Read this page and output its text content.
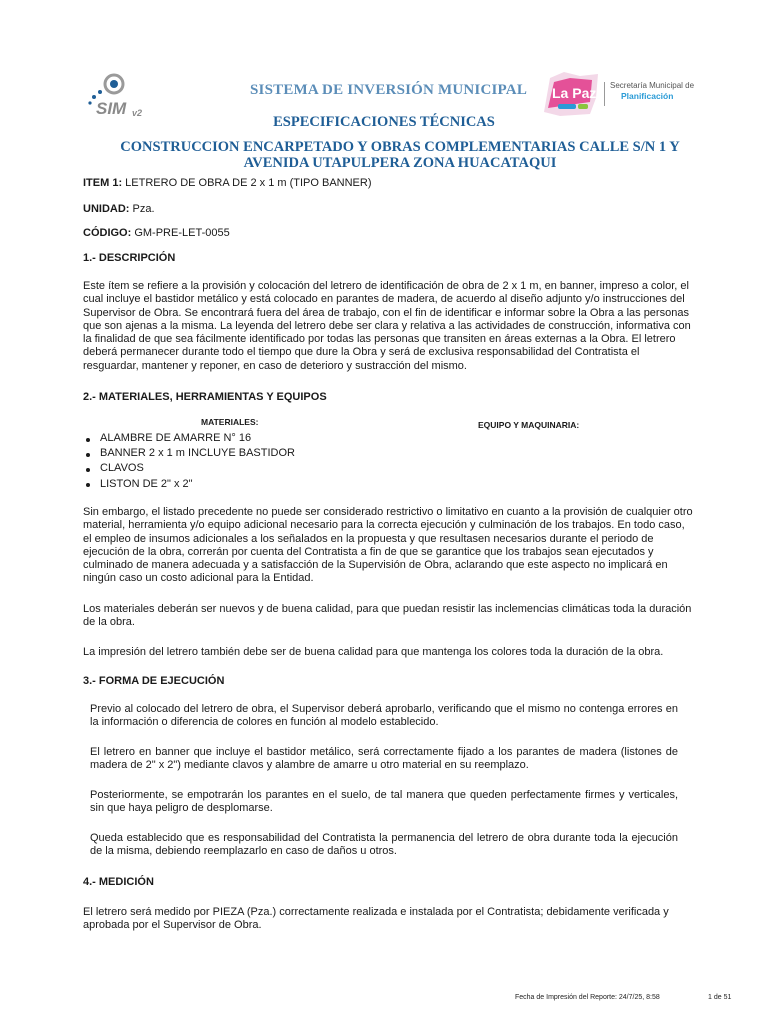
SIM v2
SISTEMA DE INVERSIÓN MUNICIPAL La Paz Secretaría Municipal de
Planificación
ESPECIFICACIONES TÉCNICAS
CONSTRUCCION ENCARPETADO Y OBRAS COMPLEMENTARIAS CALLE S/N 1 Y AVENIDA UTAPULPERA ZONA HUACATAQUI
ITEM 1: LETRERO DE OBRA DE 2 x 1 m (TIPO BANNER)
UNIDAD: Pza.
CÓDIGO: GM-PRE-LET-0055
1.- DESCRIPCIÓN
Este ítem se refiere a la provisión y colocación del letrero de identificación de obra de 2 x 1 m, en banner, impreso a color, el cual incluye el bastidor metálico y está colocado en parantes de madera, de acuerdo al diseño adjunto y/o instrucciones del Supervisor de Obra. Se encontrará fuera del área de trabajo, con el fin de identificar e informar sobre la Obra a las personas que son ajenas a la misma. La leyenda del letrero debe ser clara y relativa a las actividades de construcción, informativa con la finalidad de que sea fácilmente identificado por todas las personas que transiten en áreas externas a la Obra. El letrero deberá permanecer durante todo el tiempo que dure la Obra y será de exclusiva responsabilidad del Contratista el resguardar, mantener y reponer, en caso de deterioro y sustracción del mismo.
2.- MATERIALES, HERRAMIENTAS Y EQUIPOS
MATERIALES:	EQUIPO Y MAQUINARIA:
ALAMBRE DE AMARRE N° 16
BANNER 2 x 1 m INCLUYE BASTIDOR
CLAVOS
LISTON DE 2" x 2"
Sin embargo, el listado precedente no puede ser considerado restrictivo o limitativo en cuanto a la provisión de cualquier otro material, herramienta y/o equipo adicional necesario para la correcta ejecución y culminación de los trabajos. En todo caso, el empleo de insumos adicionales a los señalados en la propuesta y que resultasen necesarios durante el periodo de ejecución de la obra, correrán por cuenta del Contratista a fin de que se garantice que los trabajos sean ejecutados y culminado de manera adecuada y a satisfacción de la Supervisión de Obra, aclarando que este aspecto no implicará en ningún caso un costo adicional para la Entidad.
Los materiales deberán ser nuevos y de buena calidad, para que puedan resistir las inclemencias climáticas toda la duración de la obra.
La impresión del letrero también debe ser de buena calidad para que mantenga los colores toda la duración de la obra.
3.- FORMA DE EJECUCIÓN
Previo al colocado del letrero de obra, el Supervisor deberá aprobarlo, verificando que el mismo no contenga errores en la información o diferencia de colores en función al modelo establecido.
El letrero en banner que incluye el bastidor metálico, será correctamente fijado a los parantes de madera (listones de madera de 2" x 2") mediante clavos y alambre de amarre u otro material en su reemplazo.
Posteriormente, se empotrarán los parantes en el suelo, de tal manera que queden perfectamente firmes y verticales, sin que haya peligro de desplomarse.
Queda establecido que es responsabilidad del Contratista la permanencia del letrero de obra durante toda la ejecución de la misma, debiendo reemplazarlo en caso de daños u otros.
4.- MEDICIÓN
El letrero será medido por PIEZA (Pza.) correctamente realizada e instalada por el Contratista; debidamente verificada y aprobada por el Supervisor de Obra.
Fecha de Impresión del Reporte: 24/7/25, 8:58	1 de 51
